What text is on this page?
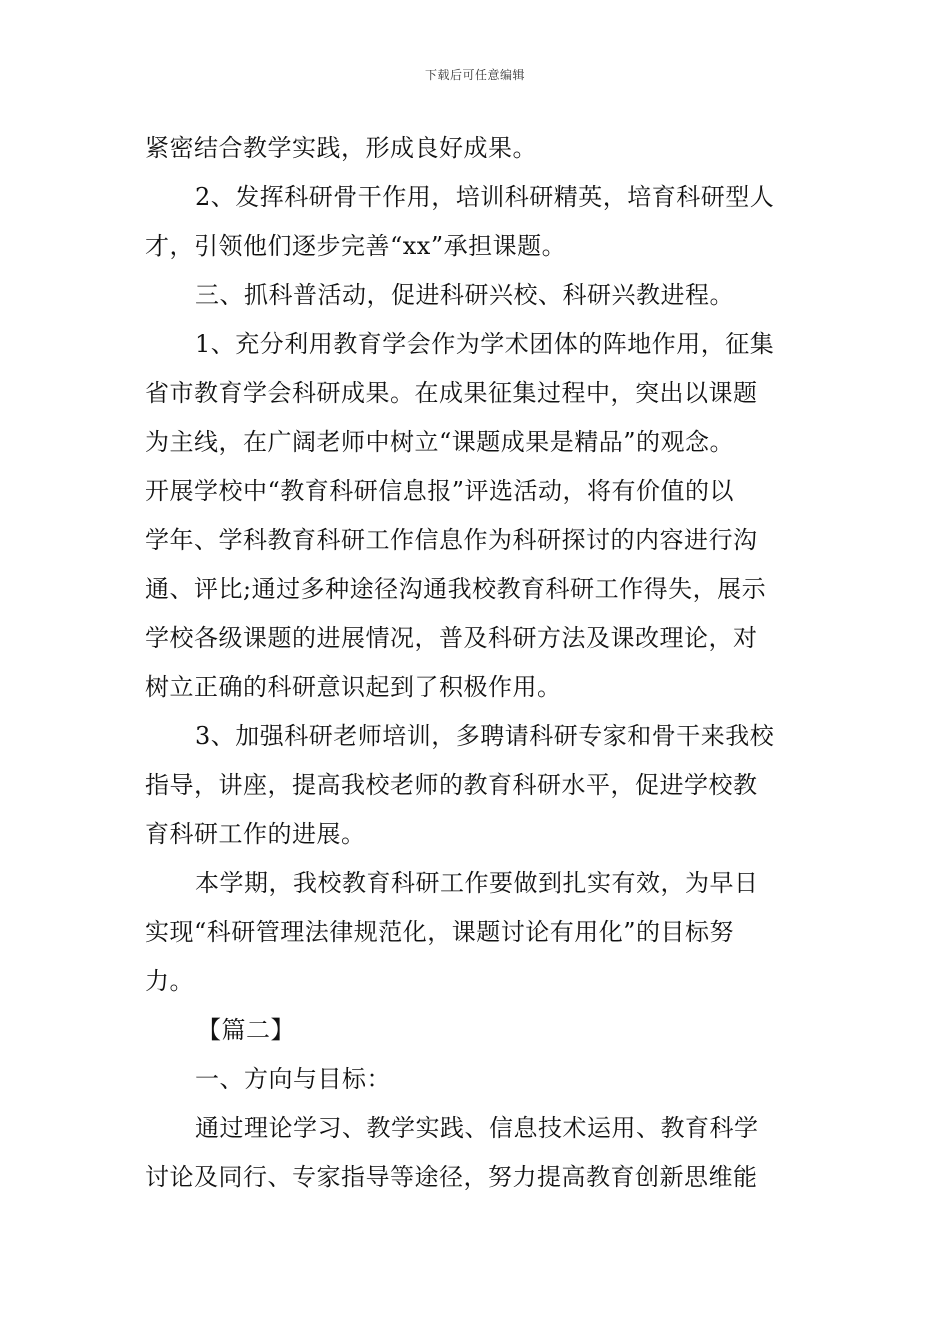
下载后可任意编辑
紧密结合教学实践，形成良好成果。
2、发挥科研骨干作用，培训科研精英，培育科研型人
才，引领他们逐步完善“xx”承担课题。
三、抓科普活动，促进科研兴校、科研兴教进程。
1、充分利用教育学会作为学术团体的阵地作用，征集
省市教育学会科研成果。在成果征集过程中，突出以课题
为主线，在广阔老师中树立“课题成果是精品”的观念。
开展学校中“教育科研信息报”评选活动，将有价值的以
学年、学科教育科研工作信息作为科研探讨的内容进行沟
通、评比;通过多种途径沟通我校教育科研工作得失，展示
学校各级课题的进展情况，普及科研方法及课改理论，对
树立正确的科研意识起到了积极作用。
3、加强科研老师培训，多聘请科研专家和骨干来我校
指导，讲座，提高我校老师的教育科研水平，促进学校教
育科研工作的进展。
本学期，我校教育科研工作要做到扎实有效，为早日
实现“科研管理法律规范化，课题讨论有用化”的目标努
力。
【篇二】
一、方向与目标：
通过理论学习、教学实践、信息技术运用、教育科学
讨论及同行、专家指导等途径，努力提高教育创新思维能
